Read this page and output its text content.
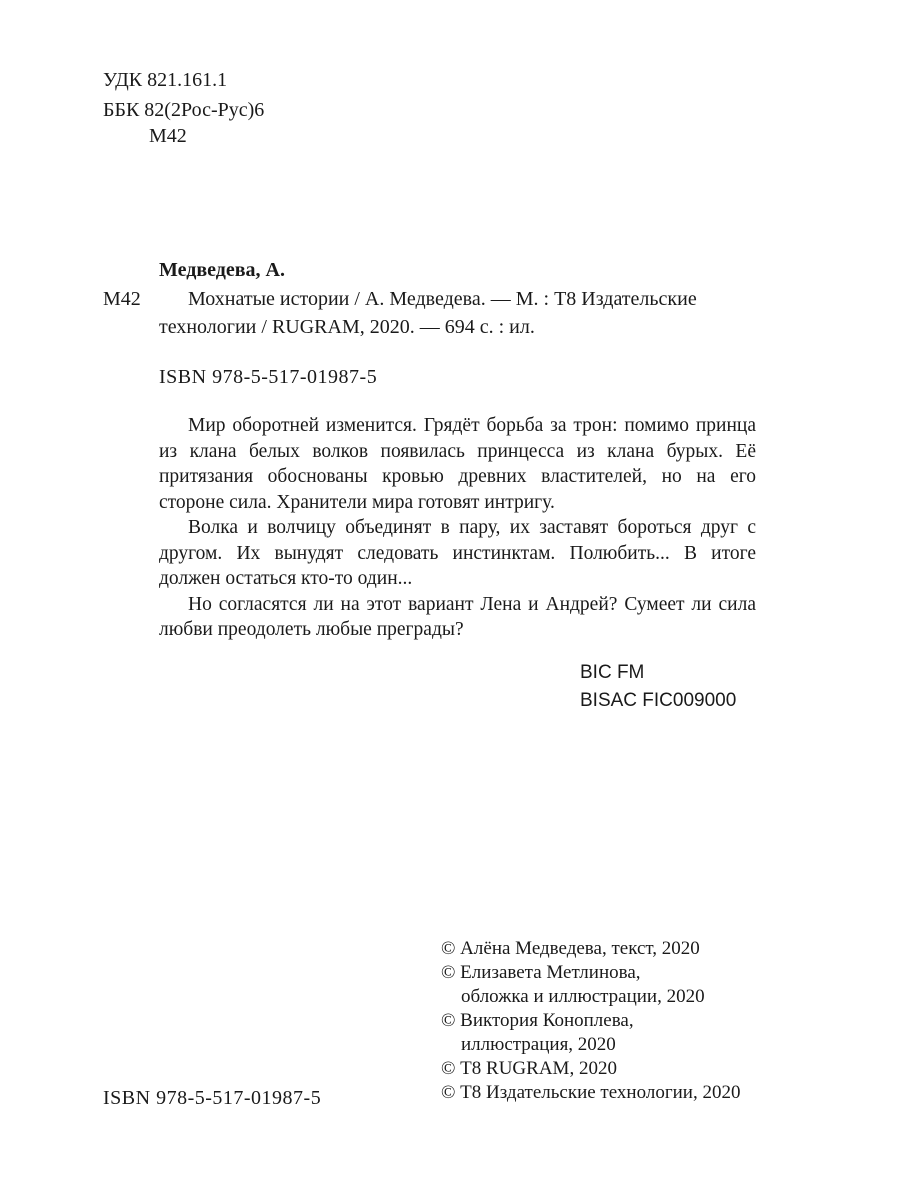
УДК 821.161.1
ББК 82(2Рос-Рус)6
М42
Медведева, А.
М42 Мохнатые истории / А. Медведева. — М. : Т8 Издательские
технологии / RUGRAM, 2020. — 694 с. : ил.
ISBN 978-5-517-01987-5

Мир оборотней изменится. Грядёт борьба за трон: помимо принца из клана белых волков появилась принцесса из клана бурых. Её притязания обоснованы кровью древних властителей, но на его стороне сила. Хранители мира готовят интригу.

Волка и волчицу объединят в пару, их заставят бороться друг с другом. Их вынудят следовать инстинктам. Полюбить... В итоге должен остаться кто-то один...

Но согласятся ли на этот вариант Лена и Андрей? Сумеет ли сила любви преодолеть любые преграды?

BIC FM
BISAC FIC009000
© Алёна Медведева, текст, 2020
© Елизавета Метлинова,
обложка и иллюстрации, 2020
© Виктория Коноплева,
иллюстрация, 2020
© Т8 RUGRAM, 2020
© Т8 Издательские технологии, 2020
ISBN 978-5-517-01987-5
